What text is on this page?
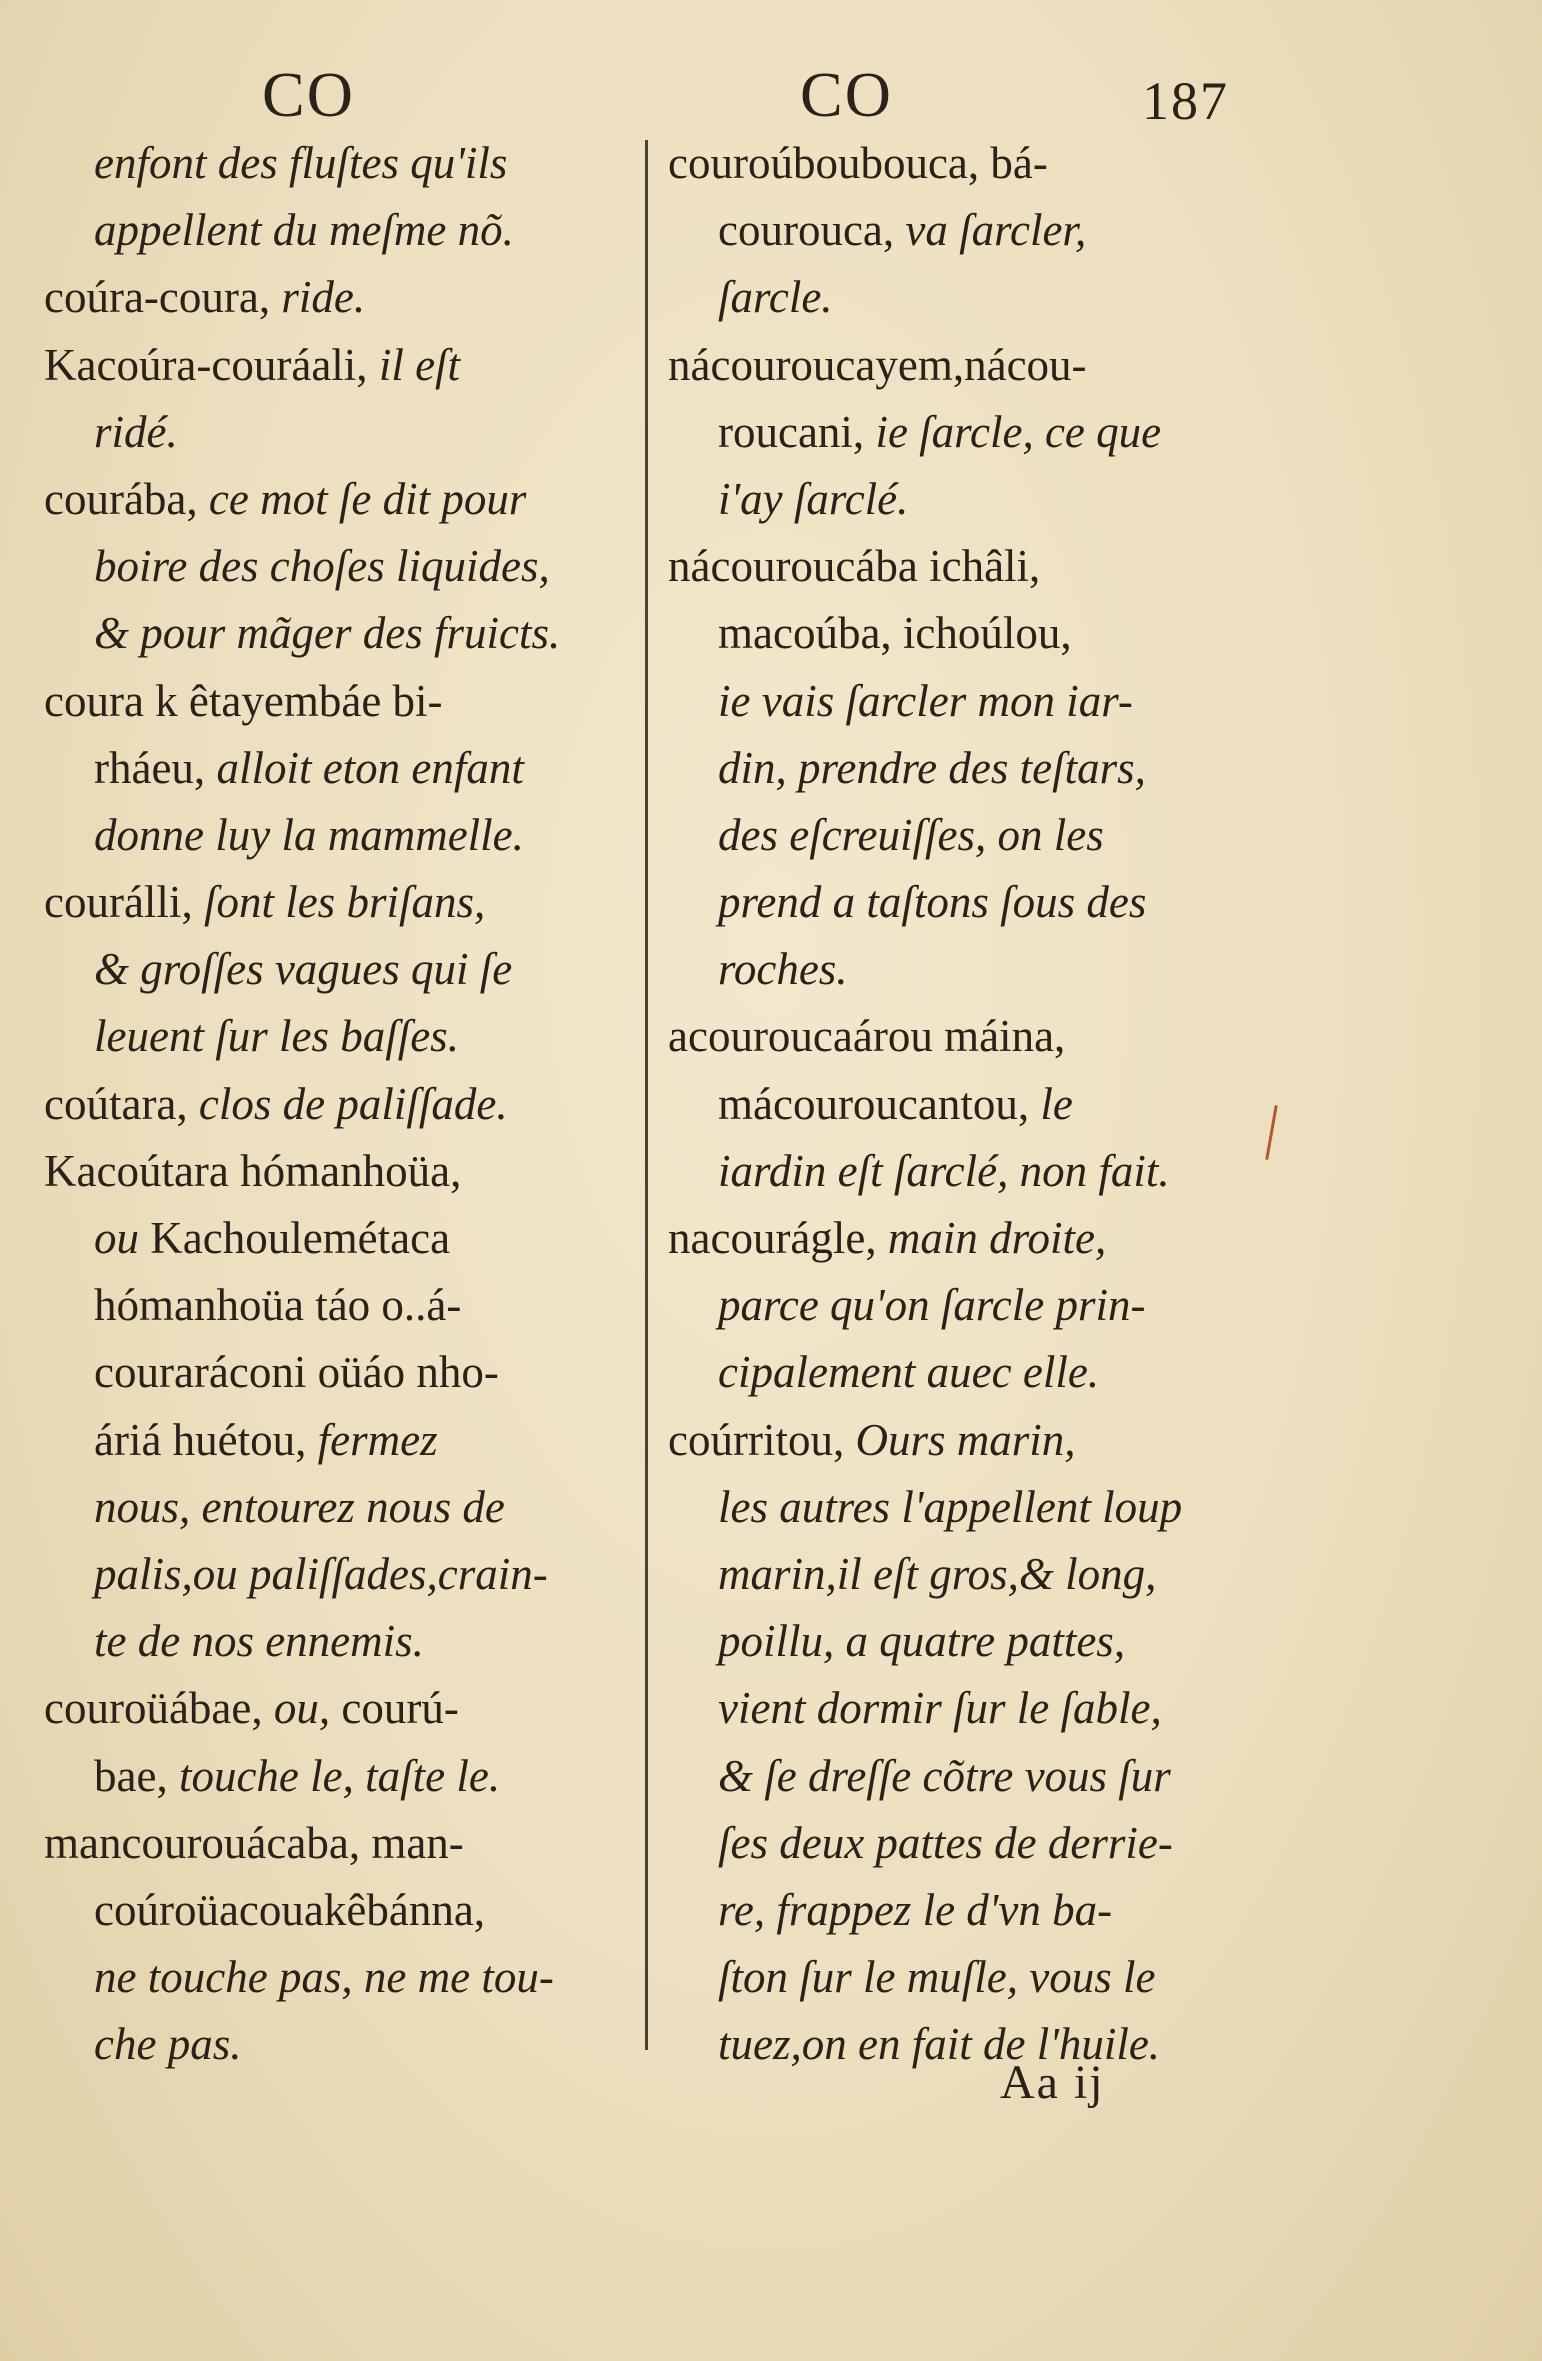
CO	CO	187
enfont des fluſtes qu'ils
appellent du meſme nõ.
coúra-coura, ride.
Kacoúra-couráali, il eſt
ridé.
courába, ce mot ſe dit pour
boire des choſes liquides,
& pour mãger des fruicts.
coura k êtayembáe bi-
rháeu, alloit eton enfant
donne luy la mammelle.
courálli, ſont les briſans,
& groſſes vagues qui ſe
leuent ſur les baſſes.
coútara, clos de paliſſade.
Kacoútara hómanhoüa,
ou Kachoulemétaca
hómanhoüa táo o..á-
couraráconi oüáo nho-
áriá huétou, fermez
nous, entourez nous de
palis,ou paliſſades,crain-
te de nos ennemis.
couroüábae, ou, courú-
bae, touche le, taſte le.
mancourouácaba, man-
coúroüacouakêbánna,
ne touche pas, ne me tou-
che pas.
couroúboubouca, bá-
courouca, va ſarcler,
ſarcle.
nácouroucayem,nácou-
roucani, ie ſarcle, ce que
i'ay ſarclé.
nácouroucába ichâli,
macoúba, ichoúlou,
ie vais ſarcler mon iar-
din, prendre des teſtars,
des eſcreuiſſes, on les
prend a taſtons ſous des
roches.
acouroucaárou máina,
mácouroucantou, le
iardin eſt ſarclé, non fait.
nacourágle, main droite,
parce qu'on ſarcle prin-
cipalement auec elle.
coúrritou, Ours marin,
les autres l'appellent loup
marin,il eſt gros,& long,
poillu, a quatre pattes,
vient dormir ſur le ſable,
& ſe dreſſe cõtre vous ſur
ſes deux pattes de derrie-
re, frappez le d'vn ba-
ſton ſur le muſle, vous le
tuez,on en fait de l'huile.
Aa ij
